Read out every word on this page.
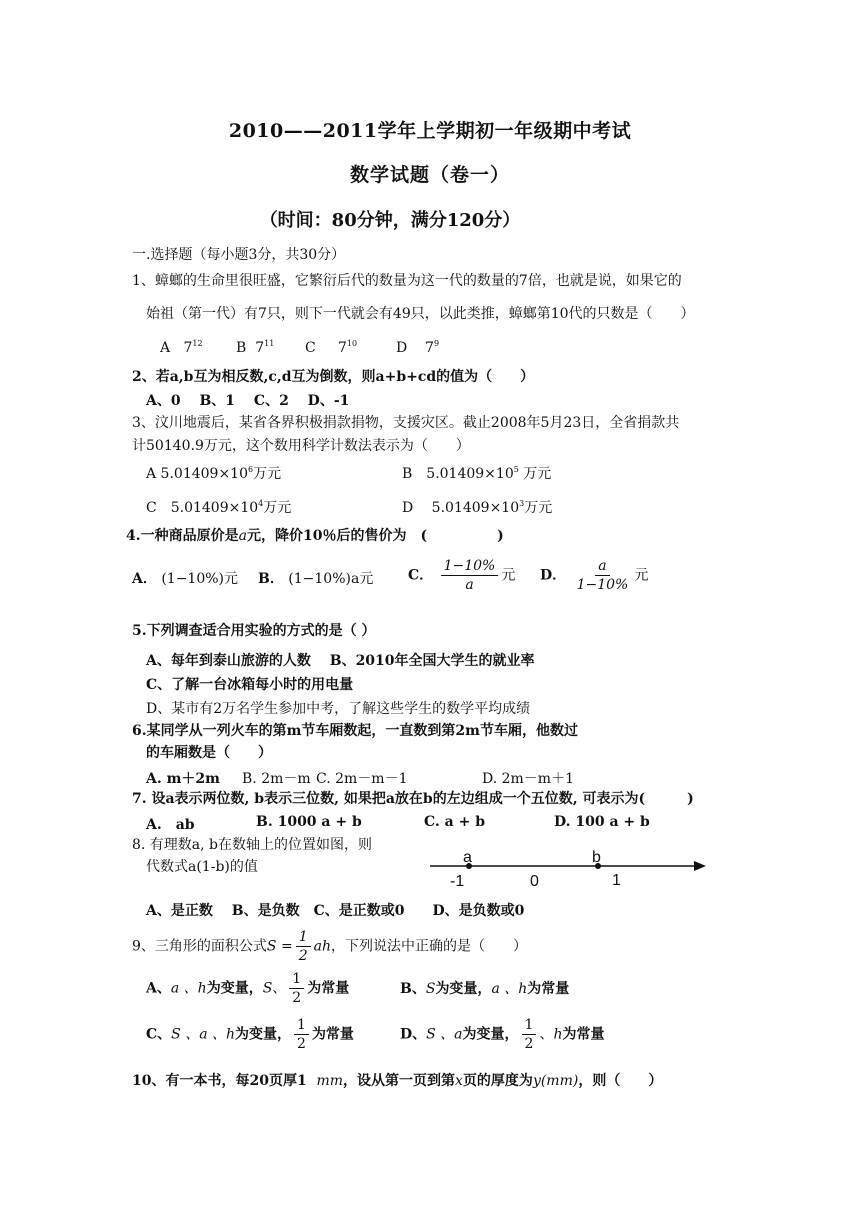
2010——2011学年上学期初一年级期中考试
数学试题（卷一）
（时间：80分钟，满分120分）
一.选择题（每小题3分，共30分）
1、蟑螂的生命里很旺盛，它繁衍后代的数量为这一代的数量的7倍，也就是说，如果它的
始祖（第一代）有7只，则下一代就会有49只，以此类推，蟑螂第10代的只数是（　　）
A $7^{12}$ B $7^{11}$ C $7^{10}$	D $7^9$
2、若a,b互为相反数,c,d互为倒数，则a+b+cd的值为（　　）
A、0　 B、1　 C、2　 D、-1
3、汶川地震后，某省各界积极捐款捐物，支援灾区。截止2008年5月23日，全省捐款共
计50140.9万元，这个数用科学计数法表示为（　　）
A $5.01409\times 10^6$万元	B　$5.01409\times 10^5$ 万元
C　$5.01409\times 10^4$万元	D　 $5.01409\times 10^3$万元
4.一种商品原价是a元，降价10％后的售价为　(　　　　　)
A． (1−10%)元 B． (1−10%)a元 C． $\frac{1-10\%}{a}$ 元 D． $\frac{a}{1-10\%}$ 元
5.下列调查适合用实验的方式的是（ ）
A、每年到泰山旅游的人数　 B、2010年全国大学生的就业率
C、了解一台冰箱每小时的用电量
D、某市有2万名学生参加中考，了解这些学生的数学平均成绩
6.某同学从一列火车的第m节车厢数起，一直数到第2m节车厢，他数过
的车厢数是（　　）
A. m＋2m B. 2m－m C. 2m－m－1	D. 2m－m＋1
7. 设a表示两位数, b表示三位数, 如果把a放在b的左边组成一个五位数, 可表示为(　　　)
A.　ab	B. 1000 a + b	C. a + b	D. 100 a + b
8. 有理数a, b在数轴上的位置如图，则
代数式a(1-b)的值
a	b
-1	0	1
A、是正数　 B、是负数　C、是正数或0　　D、是负数或0
9、三角形的面积公式$S = \frac{1}{2}$ ah，下列说法中正确的是（　　）
A、a 、h为变量，S、 $\frac{1}{2}$ 为常量	B、S为变量，a 、h为常量
C、S 、a 、h为变量， $\frac{1}{2}$ 为常量	D、S 、a为变量， $\frac{1}{2}$ 、h为常量
10、有一本书，每20页厚1 mm，设从第一页到第x页的厚度为y(mm)，则（　　）
